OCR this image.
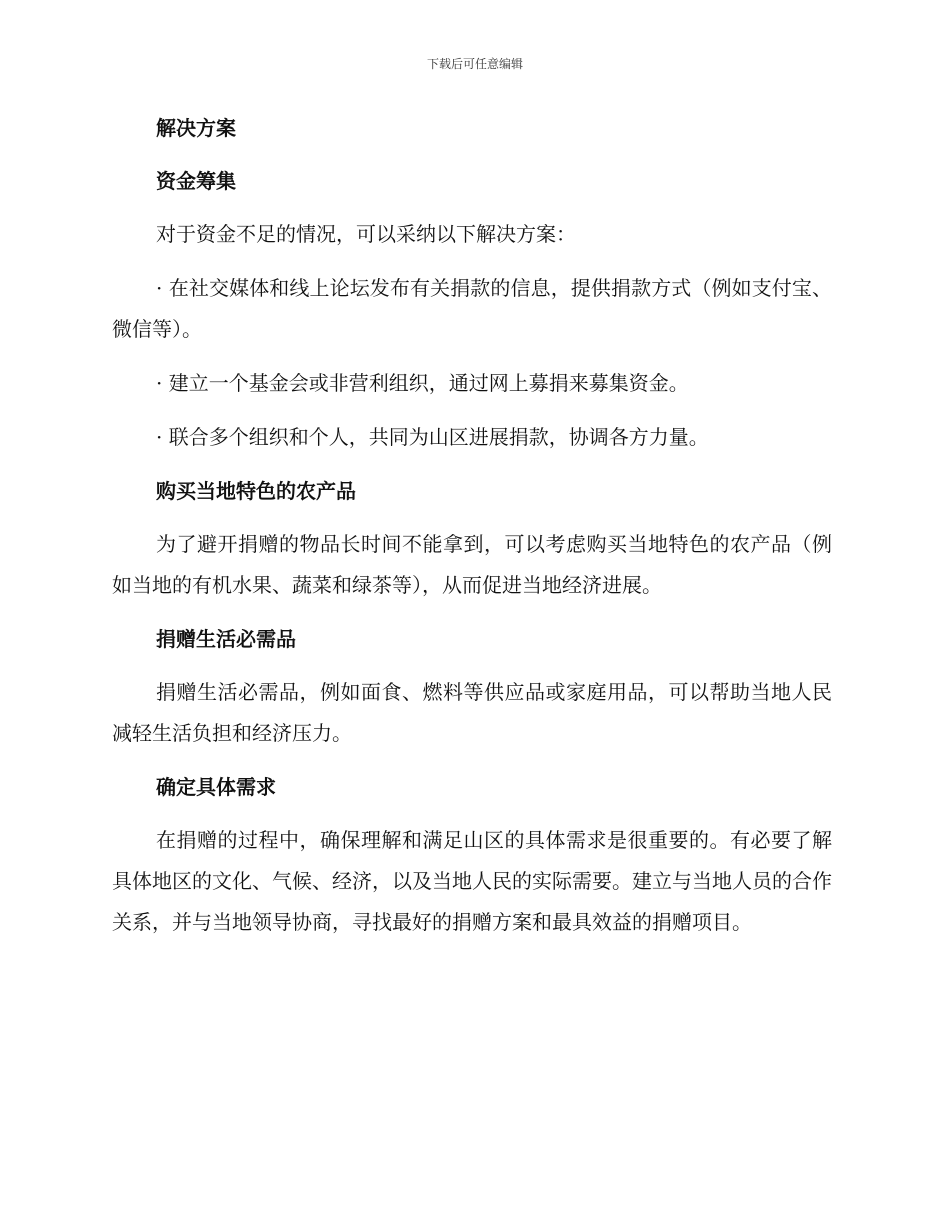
下载后可任意编辑
解决方案
资金筹集
对于资金不足的情况，可以采纳以下解决方案：
· 在社交媒体和线上论坛发布有关捐款的信息，提供捐款方式（例如支付宝、微信等）。
· 建立一个基金会或非营利组织，通过网上募捐来募集资金。
· 联合多个组织和个人，共同为山区进展捐款，协调各方力量。
购买当地特色的农产品
为了避开捐赠的物品长时间不能拿到，可以考虑购买当地特色的农产品（例如当地的有机水果、蔬菜和绿茶等），从而促进当地经济进展。
捐赠生活必需品
捐赠生活必需品，例如面食、燃料等供应品或家庭用品，可以帮助当地人民减轻生活负担和经济压力。
确定具体需求
在捐赠的过程中，确保理解和满足山区的具体需求是很重要的。有必要了解具体地区的文化、气候、经济，以及当地人民的实际需要。建立与当地人员的合作关系，并与当地领导协商，寻找最好的捐赠方案和最具效益的捐赠项目。
